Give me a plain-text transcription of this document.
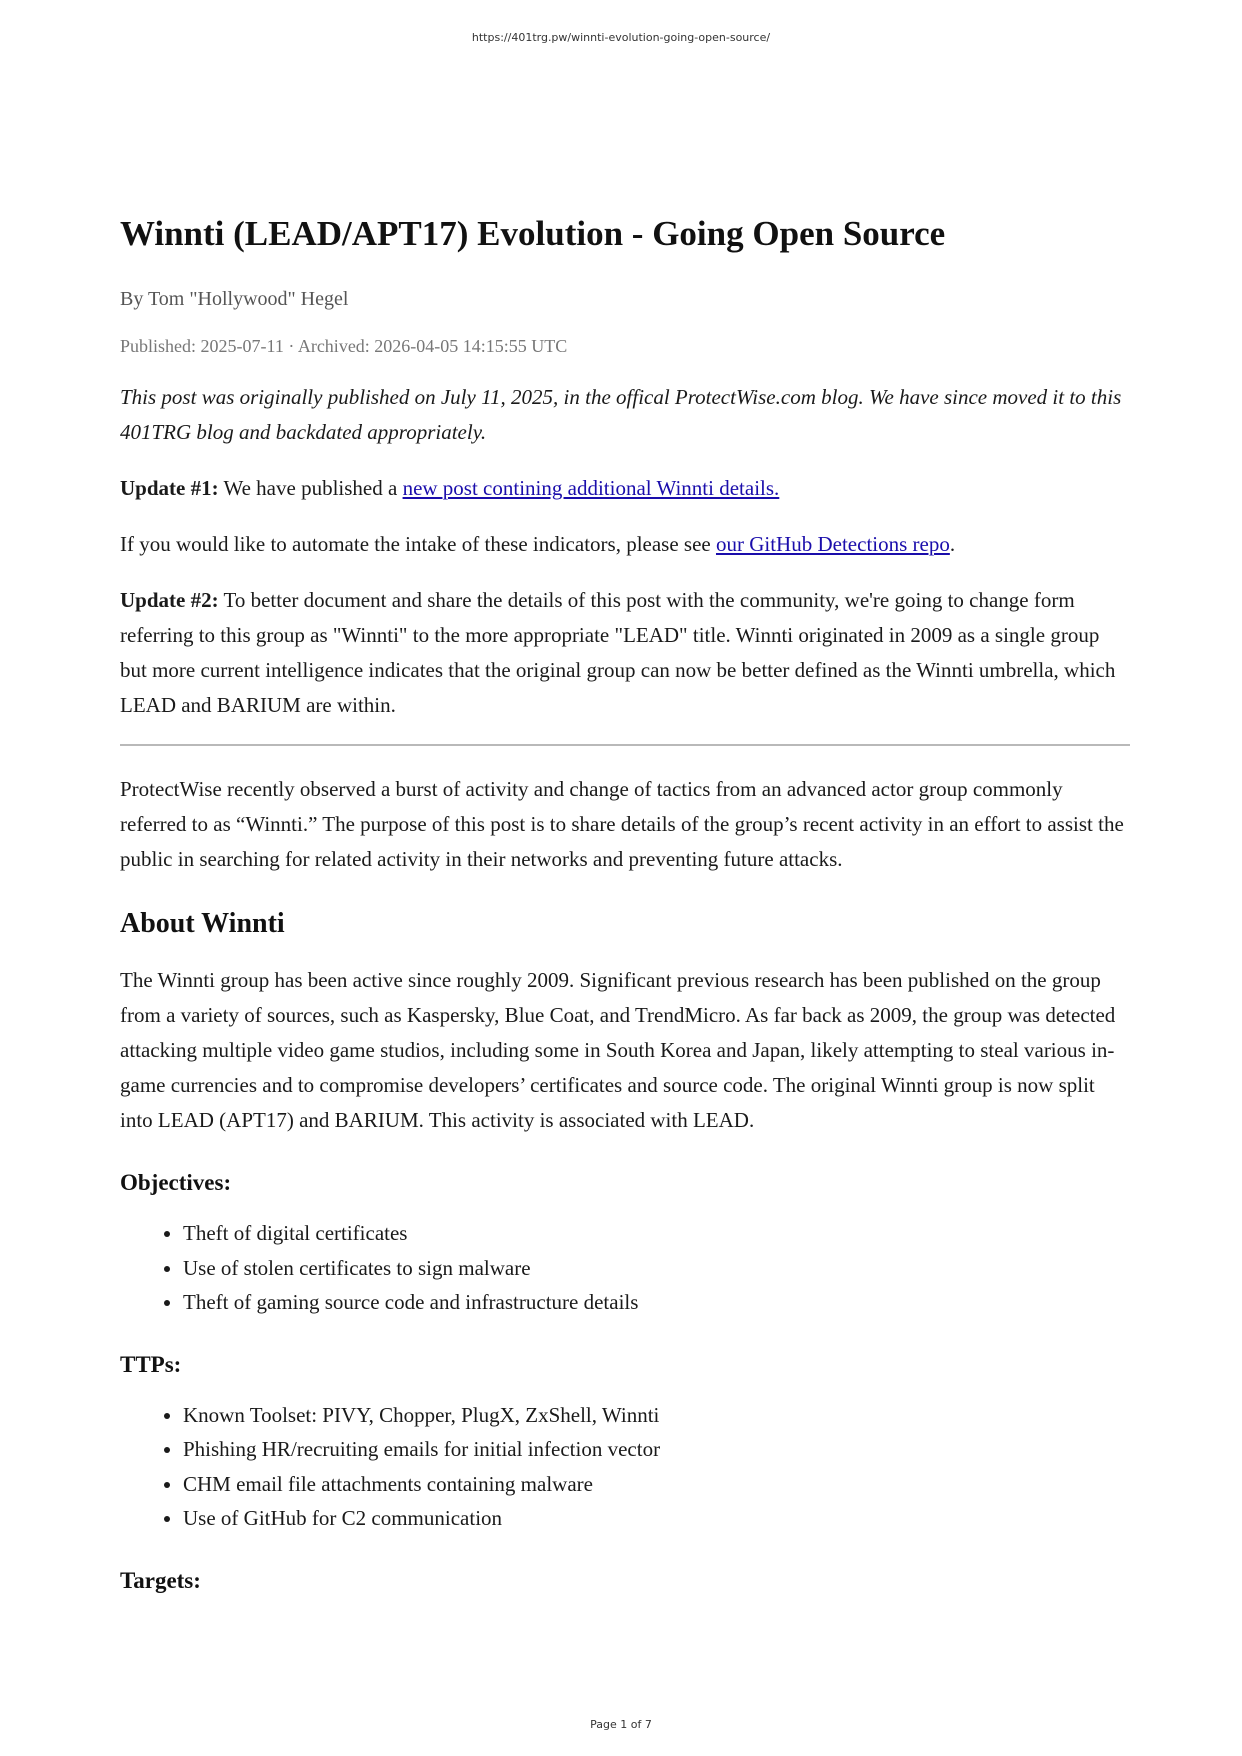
https://401trg.pw/winnti-evolution-going-open-source/
Winnti (LEAD/APT17) Evolution - Going Open Source
By Tom "Hollywood" Hegel
Published: 2025-07-11 · Archived: 2026-04-05 14:15:55 UTC

This post was originally published on July 11, 2025, in the offical ProtectWise.com blog. We have since moved it to this 401TRG blog and backdated appropriately.

Update #1: We have published a new post contining additional Winnti details.

If you would like to automate the intake of these indicators, please see our GitHub Detections repo.

Update #2: To better document and share the details of this post with the community, we're going to change form referring to this group as "Winnti" to the more appropriate "LEAD" title. Winnti originated in 2009 as a single group but more current intelligence indicates that the original group can now be better defined as the Winnti umbrella, which LEAD and BARIUM are within.

ProtectWise recently observed a burst of activity and change of tactics from an advanced actor group commonly referred to as “Winnti.” The purpose of this post is to share details of the group’s recent activity in an effort to assist the public in searching for related activity in their networks and preventing future attacks.

About Winnti

The Winnti group has been active since roughly 2009. Significant previous research has been published on the group from a variety of sources, such as Kaspersky, Blue Coat, and TrendMicro. As far back as 2009, the group was detected attacking multiple video game studios, including some in South Korea and Japan, likely attempting to steal various in-game currencies and to compromise developers’ certificates and source code. The original Winnti group is now split into LEAD (APT17) and BARIUM. This activity is associated with LEAD.

Objectives:
• Theft of digital certificates
• Use of stolen certificates to sign malware
• Theft of gaming source code and infrastructure details
TTPs:
• Known Toolset: PIVY, Chopper, PlugX, ZxShell, Winnti
• Phishing HR/recruiting emails for initial infection vector
• CHM email file attachments containing malware
• Use of GitHub for C2 communication
Targets:
Page 1 of 7
